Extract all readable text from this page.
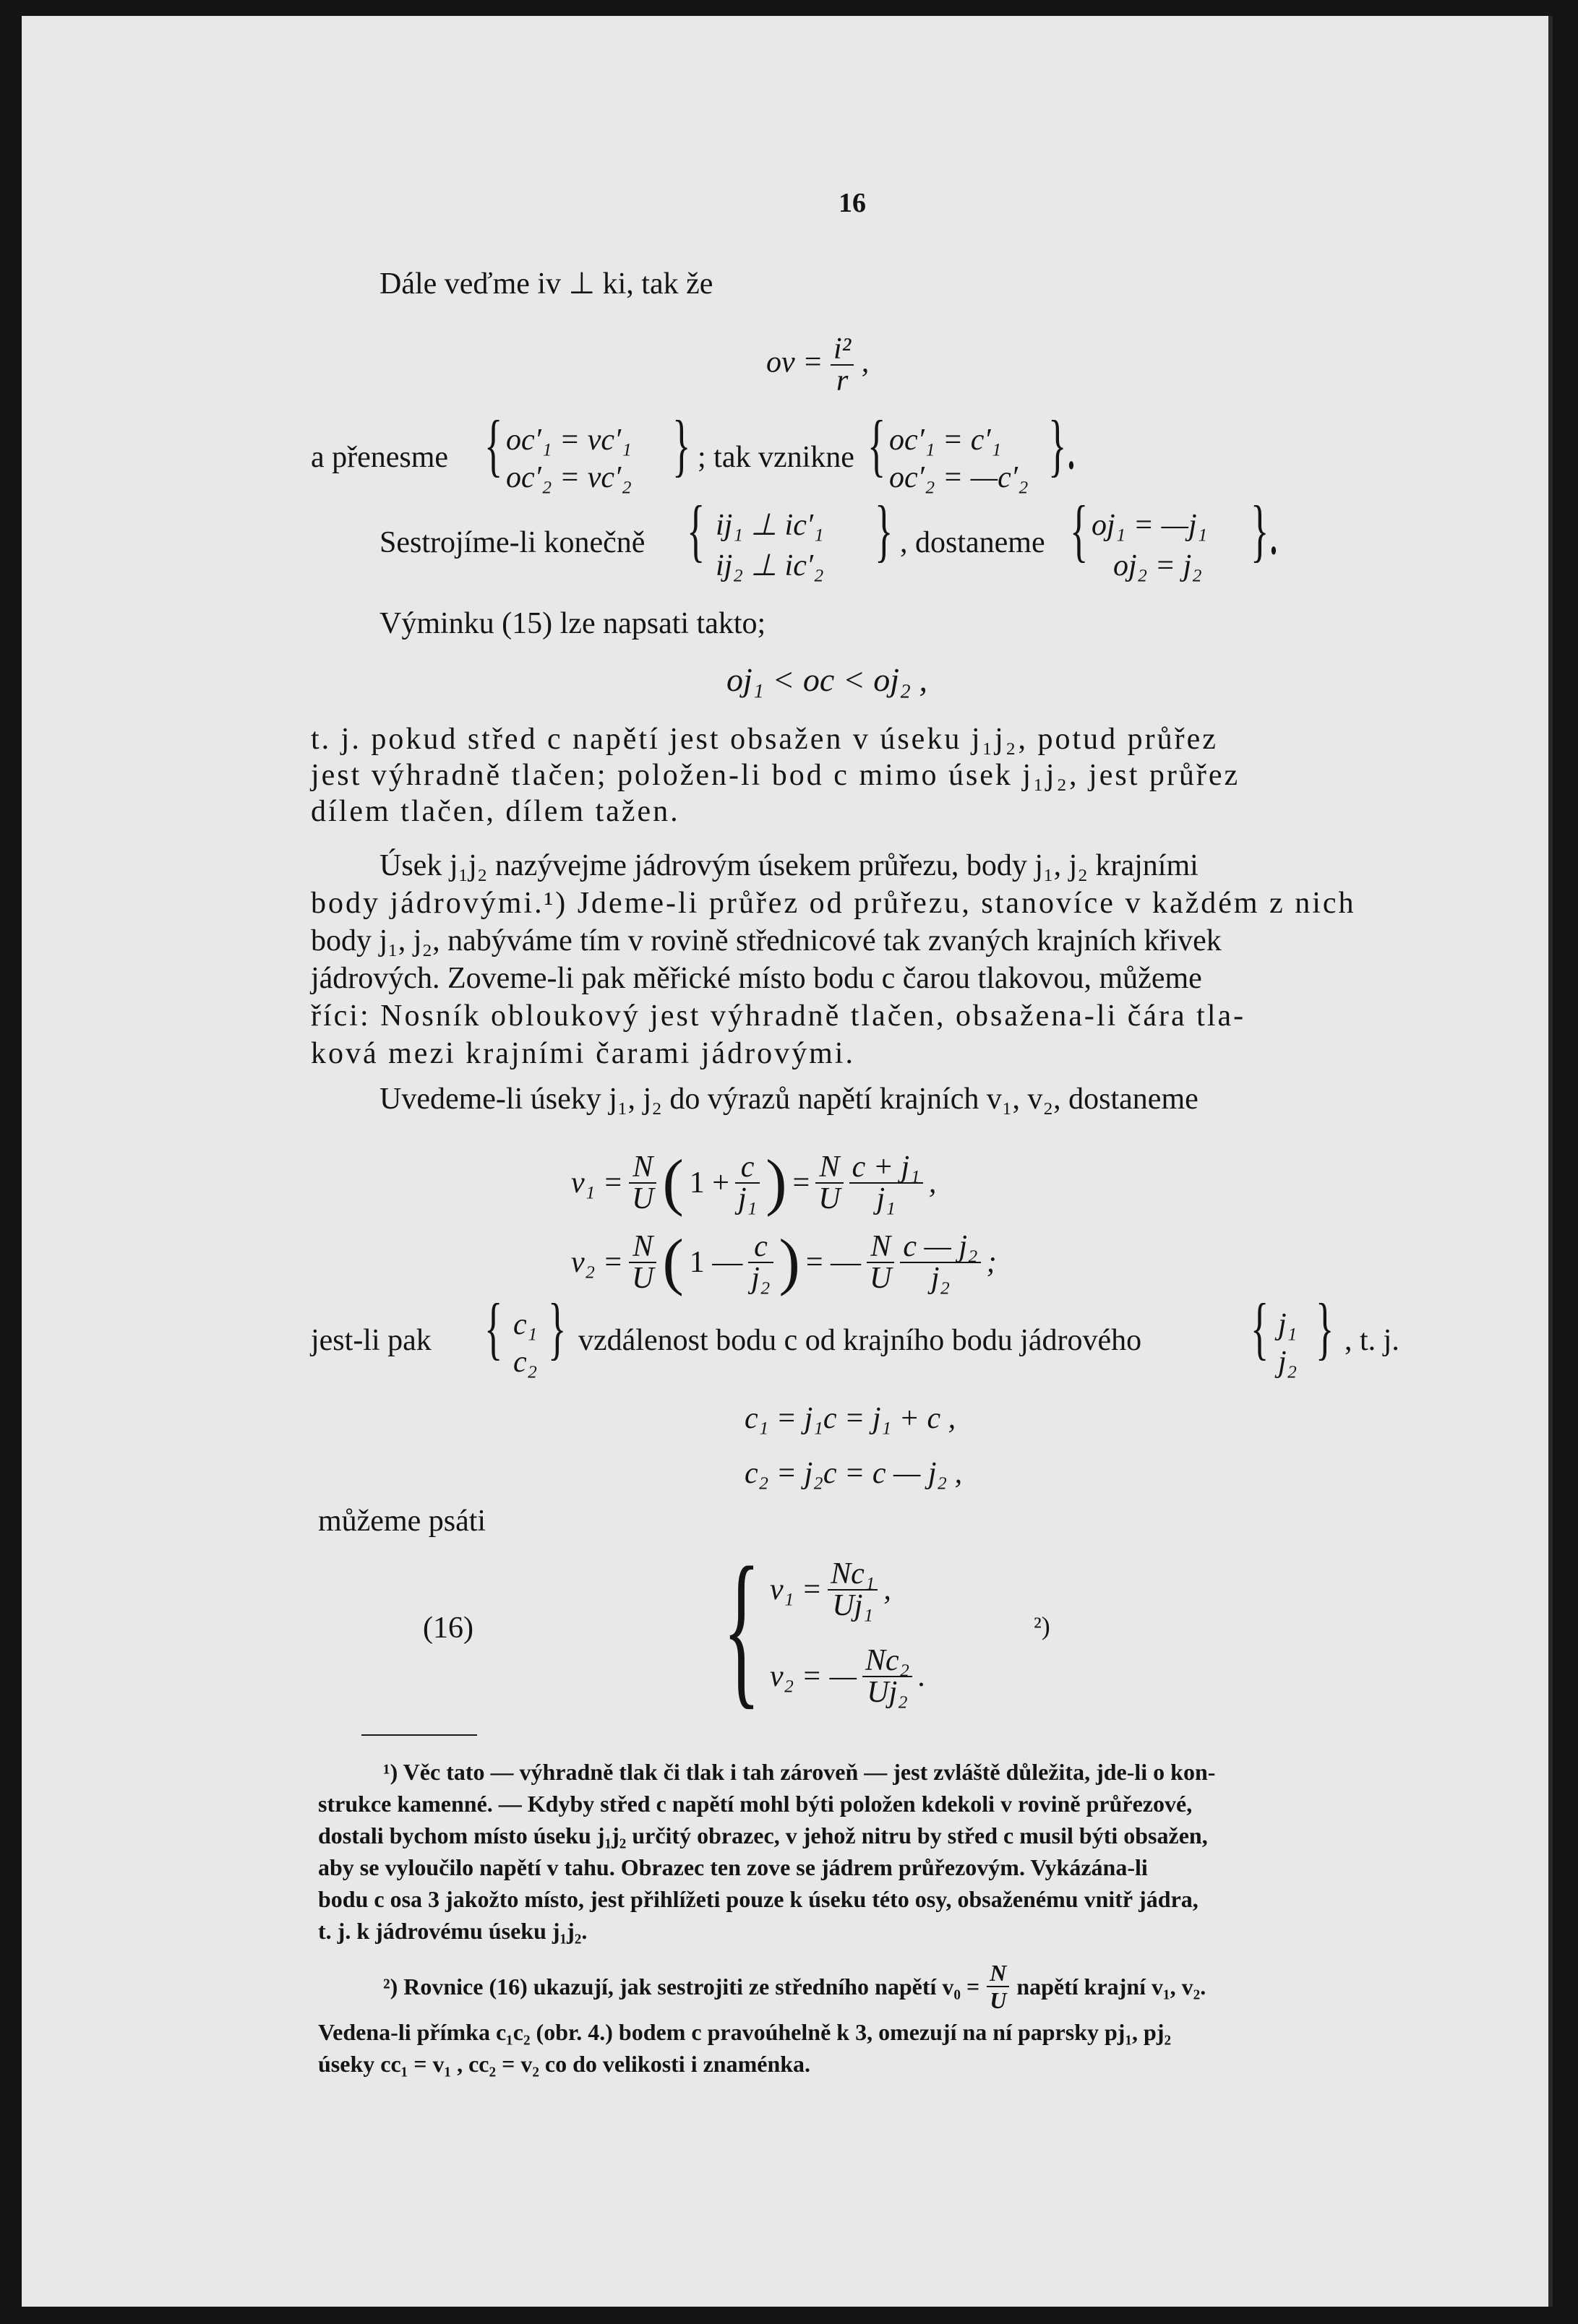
16
Dále veďme iv ⊥ ki, tak že
ov = $\frac{\text{i²}}{r}$ ,
a přenesme { oc′₁ = vc′₁
oc′₂ = vc′₂ } ; tak vznikne { oc′₁ = c′₁
oc′₂ = —c′₂ }.
Sestrojíme-li konečně { ij₁ ⊥ ic′₁
ij₂ ⊥ ic′₂ } , dostaneme { oj₁ = —j₁
oj₂ = j₂ }.
Výminku (15) lze napsati takto;
oj₁ < oc < oj₂ ,
t. j. pokud střed c napětí jest obsažen v úseku j₁j₂, potud průřez
jest výhradně tlačen; položen-li bod c mimo úsek j₁j₂, jest průřez
dílem tlačen, dílem tažen.
Úsek j₁j₂ nazývejme jádrovým úsekem průřezu, body j₁, j₂ krajními
body jádrovými.¹) Jdeme-li průřez od průřezu, stanovíce v každém z nich
body j₁, j₂, nabýváme tím v rovině střednicové tak zvaných krajních křivek
jádrových. Zoveme-li pak měřické místo bodu c čarou tlakovou, můžeme
říci: Nosník obloukový jest výhradně tlačen, obsažena-li čára tla-
ková mezi krajními čarami jádrovými.
Uvedeme-li úseky j₁, j₂ do výrazů napětí krajních v₁, v₂, dostaneme
$v_1 = \frac{N}{U}$ ( $1 + \frac{c}{\text{j₁}}$ ) = $\frac{N}{U} \frac{\text{c + j₁}}{\text{j₁}}$ ,
$v_2 = \frac{N}{U}$ ( 1 — $\frac{c}{\text{j₂}}$ ) = — $\frac{N}{U} \frac{\text{c — j₂}}{\text{j₂}}$ ;
jest-li pak { c₁
c₂ } vzdálenost bodu c od krajního bodu jádrového { j₁
j₂ } , t. j.
c₁ = j₁c = j₁ + c ,
c₂ = j₂c = c — j₂ ,
můžeme psáti
(16) { $v_1 = \frac{\text{Nc₁}}{\text{Uj₁}}$ ,
v₂ = — $\frac{\text{Nc₂}}{\text{Uj₂}}$ .
²)
¹) Věc tato — výhradně tlak či tlak i tah zároveň — jest zvláště důležita, jde-li o kon-
strukce kamenné. — Kdyby střed c napětí mohl býti položen kdekoli v rovině průřezové,
dostali bychom místo úseku j₁j₂ určitý obrazec, v jehož nitru by střed c musil býti obsažen,
aby se vyloučilo napětí v tahu. Obrazec ten zove se jádrem průřezovým. Vykázána-li
bodu c osa 3 jakožto místo, jest přihlížeti pouze k úseku této osy, obsaženému vnitř jádra,
t. j. k jádrovému úseku j₁j₂.
²) Rovnice (16) ukazují, jak sestrojiti ze středního napětí $v_0 = \frac{N}{U}$ napětí krajní v₁, v₂.
Vedena-li přímka c₁c₂ (obr. 4.) bodem c pravoúhelně k 3, omezují na ní paprsky pj₁, pj₂
úseky cc₁ = v₁ , cc₂ = v₂ co do velikosti i znaménka.
